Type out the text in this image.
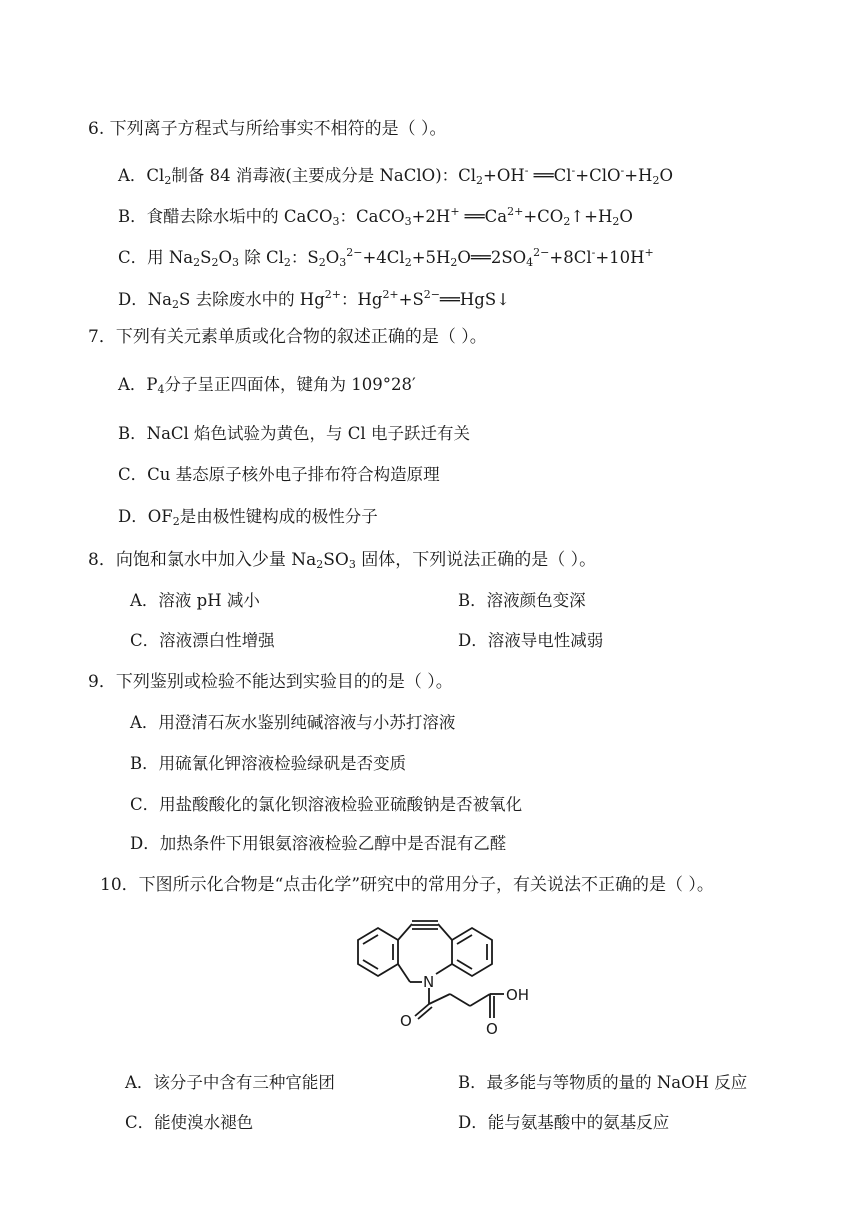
6. 下列离子方程式与所给事实不相符的是（ ）。
A．$Cl_2$制备 84 消毒液(主要成分是 NaClO)：$Cl_2+OH^-$ $══Cl^-+ClO^-+H_2O$
B．食醋去除水垢中的 CaCO$_3$：CaCO$_3$+2H+ $══Ca^{2+}+CO_2↑+H_2O$
C．用 $Na_2S_2O_3$ 除 $Cl_2$：$S_2O_3^{2-}+4Cl_2+5H_2O══2SO_4^{2-}+8Cl^-+10H^+$
D．$Na_2S$ 去除废水中的 $Hg^{2+}$：$Hg^{2+}+S^{2-}══HgS↓$
7．下列有关元素单质或化合物的叙述正确的是（ ）。
A．$P_4$分子呈正四面体，键角为 109°28′
B．NaCl 焰色试验为黄色，与 Cl 电子跃迁有关
C．Cu 基态原子核外电子排布符合构造原理
D．$OF_2$是由极性键构成的极性分子
8．向饱和氯水中加入少量 $Na_2SO_3$ 固体，下列说法正确的是（ ）。
A．溶液 pH 减小	B．溶液颜色变深
C．溶液漂白性增强	D．溶液导电性减弱
9．下列鉴别或检验不能达到实验目的的是（ ）。
A．用澄清石灰水鉴别纯碱溶液与小苏打溶液
B．用硫氰化钾溶液检验绿矾是否变质
C．用盐酸酸化的氯化钡溶液检验亚硫酸钠是否被氧化
D．加热条件下用银氨溶液检验乙醇中是否混有乙醛
10．下图所示化合物是“点击化学”研究中的常用分子，有关说法不正确的是（ ）。
N
OH
O	O
A．该分子中含有三种官能团	B．最多能与等物质的量的 NaOH 反应
C．能使溴水褪色	D．能与氨基酸中的氨基反应
